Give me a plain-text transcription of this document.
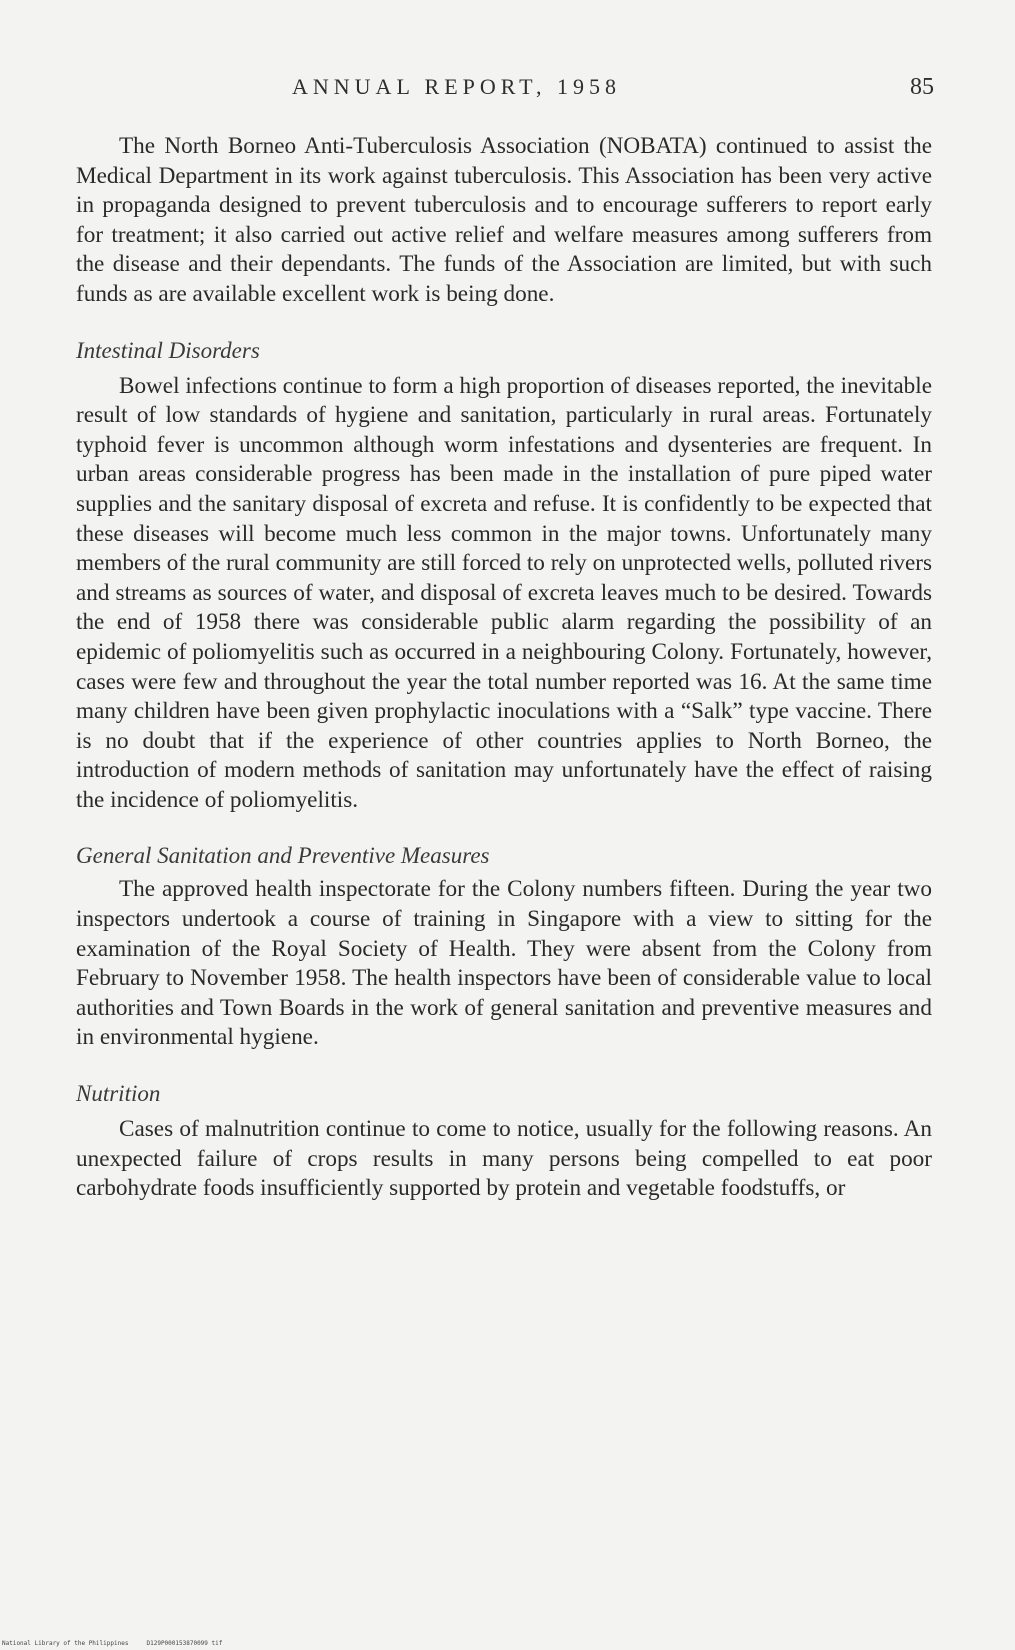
ANNUAL REPORT, 1958	85

The North Borneo Anti-Tuberculosis Association (NOBATA) continued to assist the Medical Department in its work against tuberculosis. This Association has been very active in propaganda designed to prevent tuberculosis and to encourage sufferers to report early for treatment; it also carried out active relief and welfare measures among sufferers from the disease and their dependants. The funds of the Association are limited, but with such funds as are available excellent work is being done.

Intestinal Disorders

Bowel infections continue to form a high proportion of diseases reported, the inevitable result of low standards of hygiene and sanitation, particularly in rural areas. Fortunately typhoid fever is uncommon although worm infestations and dysenteries are frequent. In urban areas considerable progress has been made in the installation of pure piped water supplies and the sanitary disposal of excreta and refuse. It is confidently to be expected that these diseases will become much less common in the major towns. Unfortunately many members of the rural community are still forced to rely on unprotected wells, polluted rivers and streams as sources of water, and disposal of excreta leaves much to be desired. Towards the end of 1958 there was considerable public alarm regarding the possibility of an epidemic of poliomyelitis such as occurred in a neighbouring Colony. Fortunately, however, cases were few and throughout the year the total number reported was 16. At the same time many children have been given prophylactic inoculations with a “Salk” type vaccine. There is no doubt that if the experience of other countries applies to North Borneo, the introduction of modern methods of sanitation may unfortunately have the effect of raising the incidence of poliomyelitis.

General Sanitation and Preventive Measures

The approved health inspectorate for the Colony numbers fifteen. During the year two inspectors undertook a course of training in Singapore with a view to sitting for the examination of the Royal Society of Health. They were absent from the Colony from February to November 1958. The health inspectors have been of considerable value to local authorities and Town Boards in the work of general sanitation and preventive measures and in environmental hygiene.

Nutrition

Cases of malnutrition continue to come to notice, usually for the following reasons. An unexpected failure of crops results in many persons being compelled to eat poor carbohydrate foods insufficiently supported by protein and vegetable foodstuffs, or

National Library of the Philippines     D129P000153870099 tif
